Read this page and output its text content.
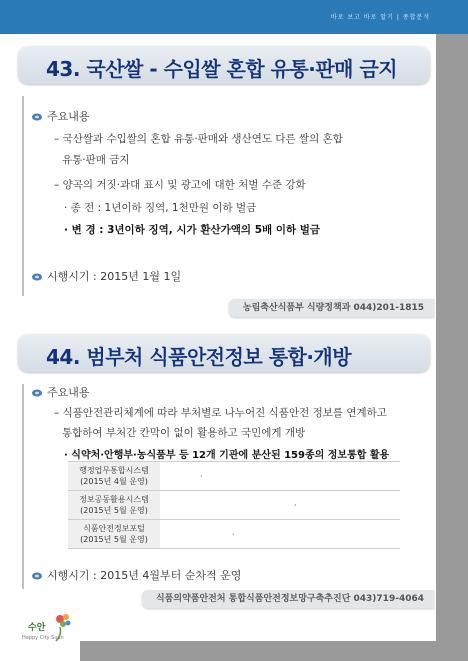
바로 보고 바로 알기 | 종합분석
43. 국산쌀 - 수입쌀 혼합 유통·판매 금지
주요내용
– 국산쌀과 수입쌀의 혼합 유통·판매와 생산연도 다른 쌀의 혼합
유통·판매 금지
– 양곡의 거짓·과대 표시 및 광고에 대한 처벌 수준 강화
· 종 전 : 1년이하 징역, 1천만원 이하 벌금
· 변 경 : 3년이하 징역, 시가 환산가액의 5배 이하 벌금
시행시기 : 2015년 1월 1일
농림축산식품부 식량정책과 044)201-1815
44. 범부처 식품안전정보 통합·개방
주요내용
– 식품안전관리체계에 따라 부처별로 나누어진 식품안전 정보를 연계하고
통합하여 부처간 칸막이 없이 활용하고 국민에게 개방
· 식약처·안행부·농식품부 등 12개 기관에 분산된 159종의 정보통합 활용
행정업무통합시스템
(2015년 4월 운영)	·
정보공동활용시스템
(2015년 5월 운영)	·
식품안전정보포털
(2015년 5월 운영)	·
시행시기 : 2015년 4월부터 순차적 운영
식품의약품안전처 통합식품안전정보망구축추진단 043)719-4064
수안
Happy City Suan
